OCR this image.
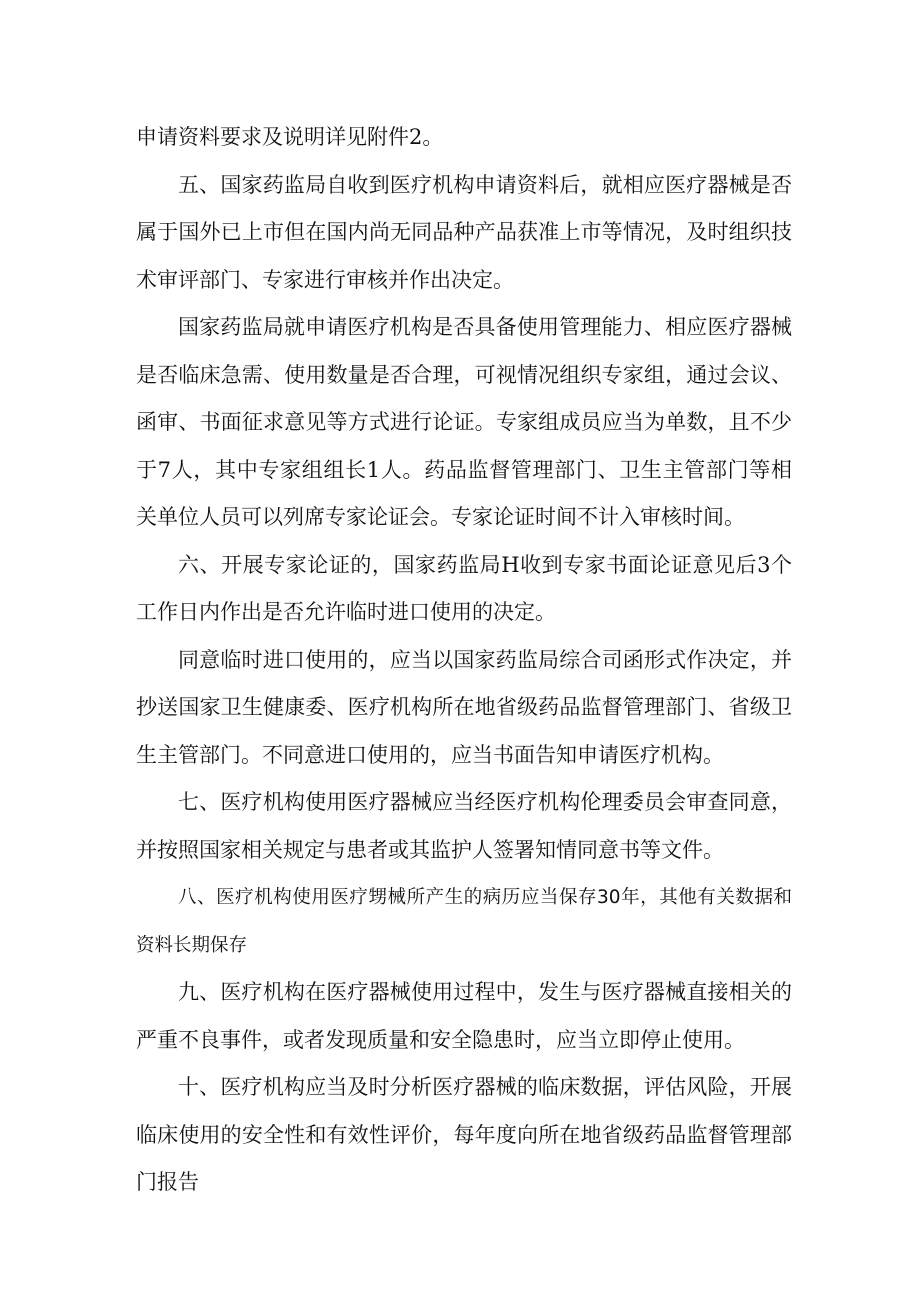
申请资料要求及说明详见附件2。

五、国家药监局自收到医疗机构申请资料后，就相应医疗器械是否属于国外已上市但在国内尚无同品种产品获准上市等情况，及时组织技术审评部门、专家进行审核并作出决定。

国家药监局就申请医疗机构是否具备使用管理能力、相应医疗器械是否临床急需、使用数量是否合理，可视情况组织专家组，通过会议、函审、书面征求意见等方式进行论证。专家组成员应当为单数，且不少于7人，其中专家组组长1人。药品监督管理部门、卫生主管部门等相关单位人员可以列席专家论证会。专家论证时间不计入审核时间。

六、开展专家论证的，国家药监局H收到专家书面论证意见后3个工作日内作出是否允许临时进口使用的决定。

同意临时进口使用的，应当以国家药监局综合司函形式作决定，并抄送国家卫生健康委、医疗机构所在地省级药品监督管理部门、省级卫生主管部门。不同意进口使用的，应当书面告知申请医疗机构。

七、医疗机构使用医疗器械应当经医疗机构伦理委员会审查同意，并按照国家相关规定与患者或其监护人签署知情同意书等文件。

八、医疗机构使用医疗甥械所产生的病历应当保存30年，其他有关数据和资料长期保存

九、医疗机构在医疗器械使用过程中，发生与医疗器械直接相关的严重不良事件，或者发现质量和安全隐患时，应当立即停止使用。

十、医疗机构应当及时分析医疗器械的临床数据，评估风险，开展临床使用的安全性和有效性评价，每年度向所在地省级药品监督管理部门报告
